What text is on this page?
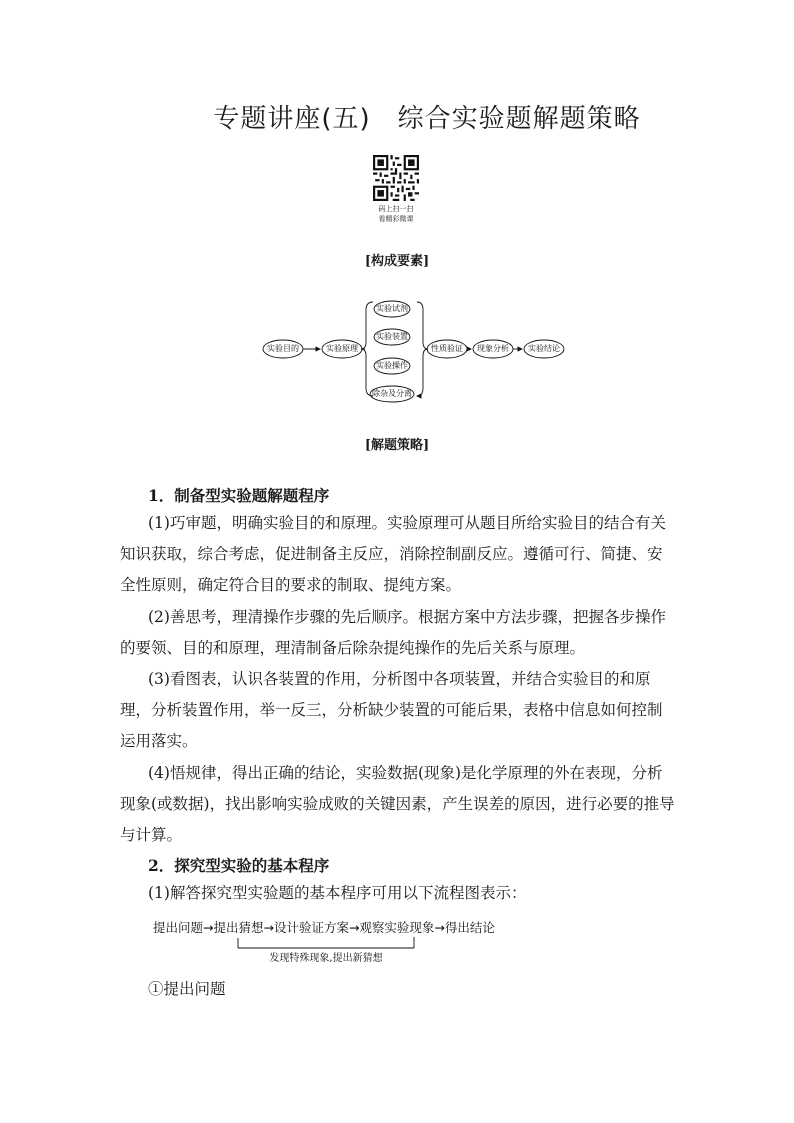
专题讲座(五)　综合实验题解题策略
码上扫一扫
看精彩微课
[构成要素]
实验目的	实验原理
实验试剂
实验装置
实验操作
除杂及分离
性质验证 现象分析 实验结论
[解题策略]
1．制备型实验题解题程序
(1)巧审题，明确实验目的和原理。实验原理可从题目所给实验目的结合有关知识获取，综合考虑，促进制备主反应，消除控制副反应。遵循可行、简捷、安全性原则，确定符合目的要求的制取、提纯方案。
(2)善思考，理清操作步骤的先后顺序。根据方案中方法步骤，把握各步操作的要领、目的和原理，理清制备后除杂提纯操作的先后关系与原理。
(3)看图表，认识各装置的作用，分析图中各项装置，并结合实验目的和原理，分析装置作用，举一反三，分析缺少装置的可能后果，表格中信息如何控制运用落实。
(4)悟规律，得出正确的结论，实验数据(现象)是化学原理的外在表现，分析现象(或数据)，找出影响实验成败的关键因素，产生误差的原因，进行必要的推导与计算。
2．探究型实验的基本程序
(1)解答探究型实验题的基本程序可用以下流程图表示：
提出问题→提出猜想→设计验证方案→观察实验现象→得出结论
发现特殊现象,提出新猜想
①提出问题
